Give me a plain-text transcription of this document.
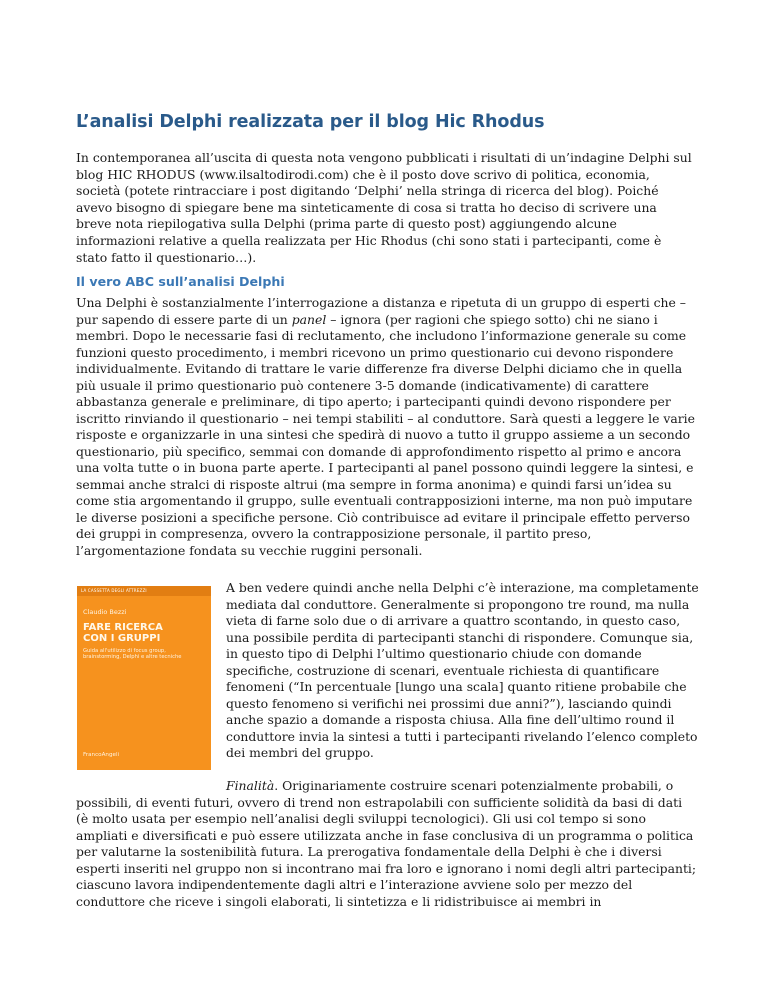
L’analisi Delphi realizzata per il blog Hic Rhodus

In contemporanea all’uscita di questa nota vengono pubblicati i risultati di un’indagine Delphi sul blog HIC RHODUS (www.ilsaltodirodi.com) che è il posto dove scrivo di politica, economia, società (potete rintracciare i post digitando ‘Delphi’ nella stringa di ricerca del blog). Poiché avevo bisogno di spiegare bene ma sinteticamente di cosa si tratta ho deciso di scrivere una breve nota riepilogativa sulla Delphi (prima parte di questo post) aggiungendo alcune informazioni relative a quella realizzata per Hic Rhodus (chi sono stati i partecipanti, come è stato fatto il questionario…).

Il vero ABC sull’analisi Delphi

Una Delphi è sostanzialmente l’interrogazione a distanza e ripetuta di un gruppo di esperti che – pur sapendo di essere parte di un panel – ignora (per ragioni che spiego sotto) chi ne siano i membri. Dopo le necessarie fasi di reclutamento, che includono l’informazione generale su come funzioni questo procedimento, i membri ricevono un primo questionario cui devono rispondere individualmente. Evitando di trattare le varie differenze fra diverse Delphi diciamo che in quella più usuale il primo questionario può contenere 3-5 domande (indicativamente) di carattere abbastanza generale e preliminare, di tipo aperto; i partecipanti quindi devono rispondere per iscritto rinviando il questionario – nei tempi stabiliti – al conduttore. Sarà questi a leggere le varie risposte e organizzarle in una sintesi che spedirà di nuovo a tutto il gruppo assieme a un secondo questionario, più specifico, semmai con domande di approfondimento rispetto al primo e ancora una volta tutte o in buona parte aperte. I partecipanti al panel possono quindi leggere la sintesi, e semmai anche stralci di risposte altrui (ma sempre in forma anonima) e quindi farsi un’idea su come stia argomentando il gruppo, sulle eventuali contrapposizioni interne, ma non può imputare le diverse posizioni a specifiche persone. Ciò contribuisce ad evitare il principale effetto perverso dei gruppi in compresenza, ovvero la contrapposizione personale, il partito preso, l’argomentazione fondata su vecchie ruggini personali.

LA CASSETTA DEGLI ATTREZZI
Claudio Bezzi
FARE RICERCA
CON I GRUPPI
Guida all'utilizzo di focus group, brainstorming, Delphi e altre tecniche
FrancoAngeli

A ben vedere quindi anche nella Delphi c’è interazione, ma completamente mediata dal conduttore. Generalmente si propongono tre round, ma nulla vieta di farne solo due o di arrivare a quattro scontando, in questo caso, una possibile perdita di partecipanti stanchi di rispondere. Comunque sia, in questo tipo di Delphi l’ultimo questionario chiude con domande specifiche, costruzione di scenari, eventuale richiesta di quantificare fenomeni (“In percentuale [lungo una scala] quanto ritiene probabile che questo fenomeno si verifichi nei prossimi due anni?”), lasciando quindi anche spazio a domande a risposta chiusa. Alla fine dell’ultimo round il conduttore invia la sintesi a tutti i partecipanti rivelando l’elenco completo dei membri del gruppo.

Finalità. Originariamente costruire scenari potenzialmente probabili, o possibili, di eventi futuri, ovvero di trend non estrapolabili con sufficiente solidità da basi di dati (è molto usata per esempio nell’analisi degli sviluppi tecnologici). Gli usi col tempo si sono ampliati e diversificati e può essere utilizzata anche in fase conclusiva di un programma o politica per valutarne la sostenibilità futura. La prerogativa fondamentale della Delphi è che i diversi esperti inseriti nel gruppo non si incontrano mai fra loro e ignorano i nomi degli altri partecipanti; ciascuno lavora indipendentemente dagli altri e l’interazione avviene solo per mezzo del conduttore che riceve i singoli elaborati, li sintetizza e li ridistribuisce ai membri in
